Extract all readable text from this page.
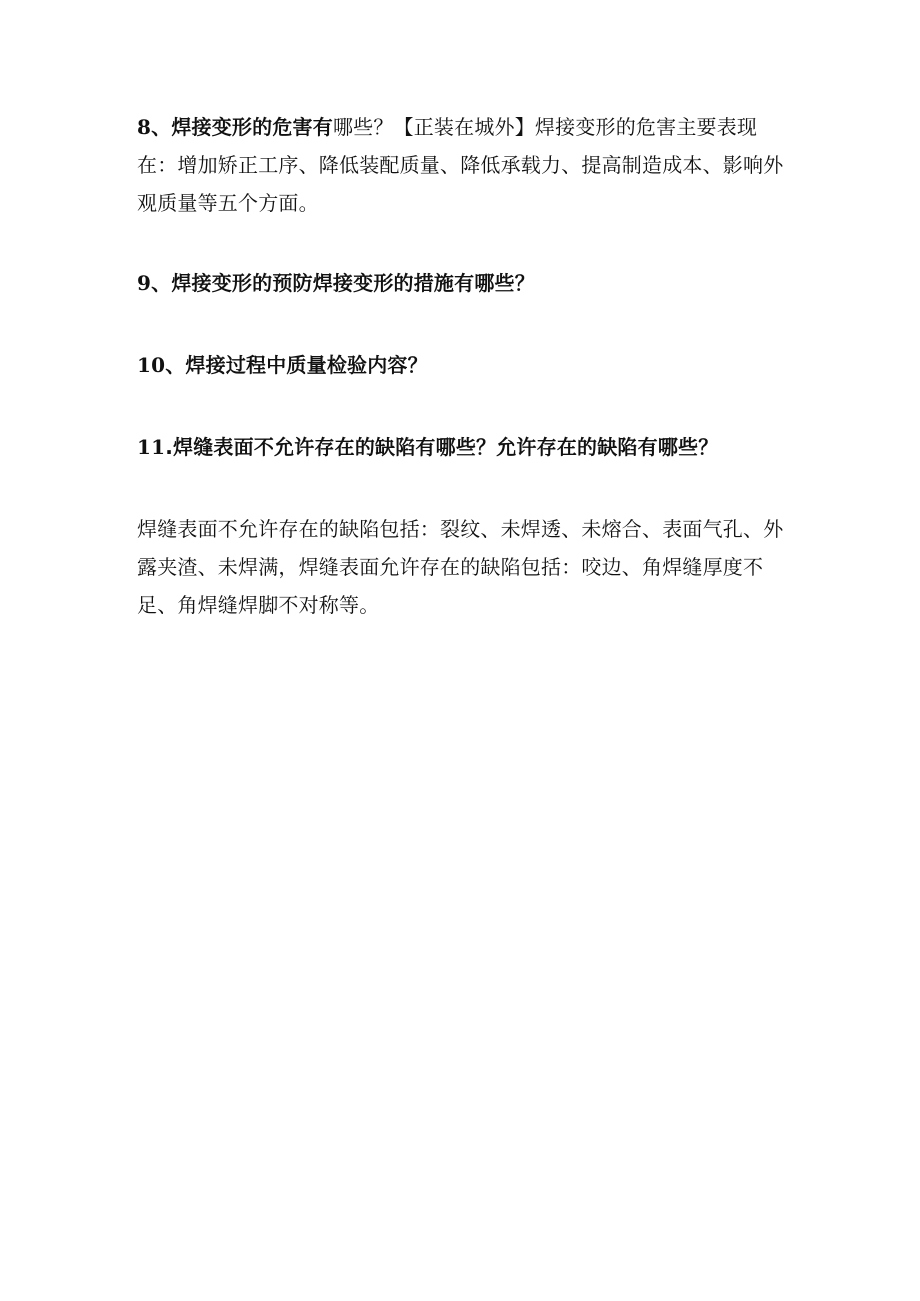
8、焊接变形的危害有哪些？【正装在城外】焊接变形的危害主要表现在：增加矫正工序、降低装配质量、降低承载力、提高制造成本、影响外观质量等五个方面。

9、焊接变形的预防焊接变形的措施有哪些？

10、焊接过程中质量检验内容？

11.焊缝表面不允许存在的缺陷有哪些？允许存在的缺陷有哪些？

焊缝表面不允许存在的缺陷包括：裂纹、未焊透、未熔合、表面气孔、外露夹渣、未焊满，焊缝表面允许存在的缺陷包括：咬边、角焊缝厚度不足、角焊缝焊脚不对称等。
